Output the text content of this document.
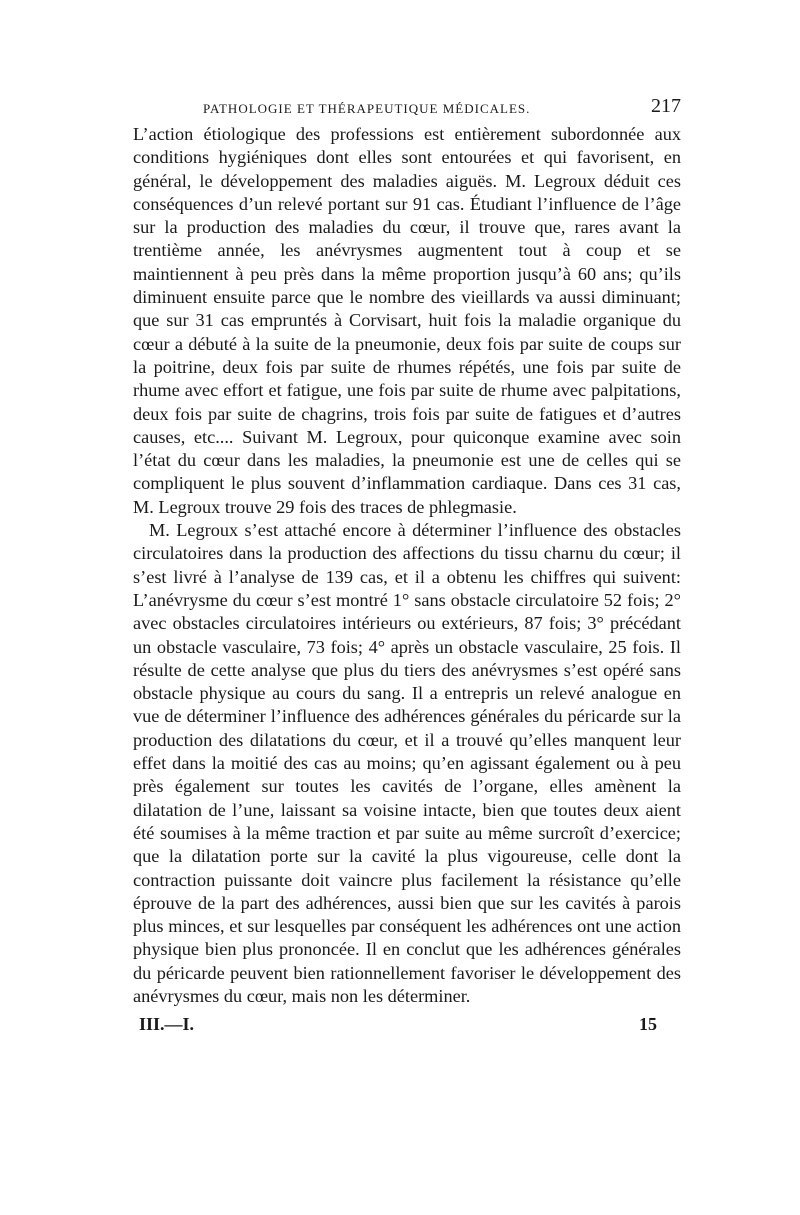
PATHOLOGIE ET THÉRAPEUTIQUE MÉDICALES.	217

L’action étiologique des professions est entièrement subordonnée aux conditions hygiéniques dont elles sont entourées et qui favorisent, en général, le développement des maladies aiguës. M. Legroux déduit ces conséquences d’un relevé portant sur 91 cas. Étudiant l’influence de l’âge sur la production des maladies du cœur, il trouve que, rares avant la trentième année, les anévrysmes augmentent tout à coup et se maintiennent à peu près dans la même proportion jusqu’à 60 ans; qu’ils diminuent ensuite parce que le nombre des vieillards va aussi diminuant; que sur 31 cas empruntés à Corvisart, huit fois la maladie organique du cœur a débuté à la suite de la pneumonie, deux fois par suite de coups sur la poitrine, deux fois par suite de rhumes répétés, une fois par suite de rhume avec effort et fatigue, une fois par suite de rhume avec palpitations, deux fois par suite de chagrins, trois fois par suite de fatigues et d’autres causes, etc.... Suivant M. Legroux, pour quiconque examine avec soin l’état du cœur dans les maladies, la pneumonie est une de celles qui se compliquent le plus souvent d’inflammation cardiaque. Dans ces 31 cas, M. Legroux trouve 29 fois des traces de phlegmasie.

M. Legroux s’est attaché encore à déterminer l’influence des obstacles circulatoires dans la production des affections du tissu charnu du cœur; il s’est livré à l’analyse de 139 cas, et il a obtenu les chiffres qui suivent: L’anévrysme du cœur s’est montré 1° sans obstacle circulatoire 52 fois; 2° avec obstacles circulatoires intérieurs ou extérieurs, 87 fois; 3° précédant un obstacle vasculaire, 73 fois; 4° après un obstacle vasculaire, 25 fois. Il résulte de cette analyse que plus du tiers des anévrysmes s’est opéré sans obstacle physique au cours du sang. Il a entrepris un relevé analogue en vue de déterminer l’influence des adhérences générales du péricarde sur la production des dilatations du cœur, et il a trouvé qu’elles manquent leur effet dans la moitié des cas au moins; qu’en agissant également ou à peu près également sur toutes les cavités de l’organe, elles amènent la dilatation de l’une, laissant sa voisine intacte, bien que toutes deux aient été soumises à la même traction et par suite au même surcroît d’exercice; que la dilatation porte sur la cavité la plus vigoureuse, celle dont la contraction puissante doit vaincre plus facilement la résistance qu’elle éprouve de la part des adhérences, aussi bien que sur les cavités à parois plus minces, et sur lesquelles par conséquent les adhérences ont une action physique bien plus prononcée. Il en conclut que les adhérences générales du péricarde peuvent bien rationnellement favoriser le développement des anévrysmes du cœur, mais non les déterminer.

III.—I.	15
